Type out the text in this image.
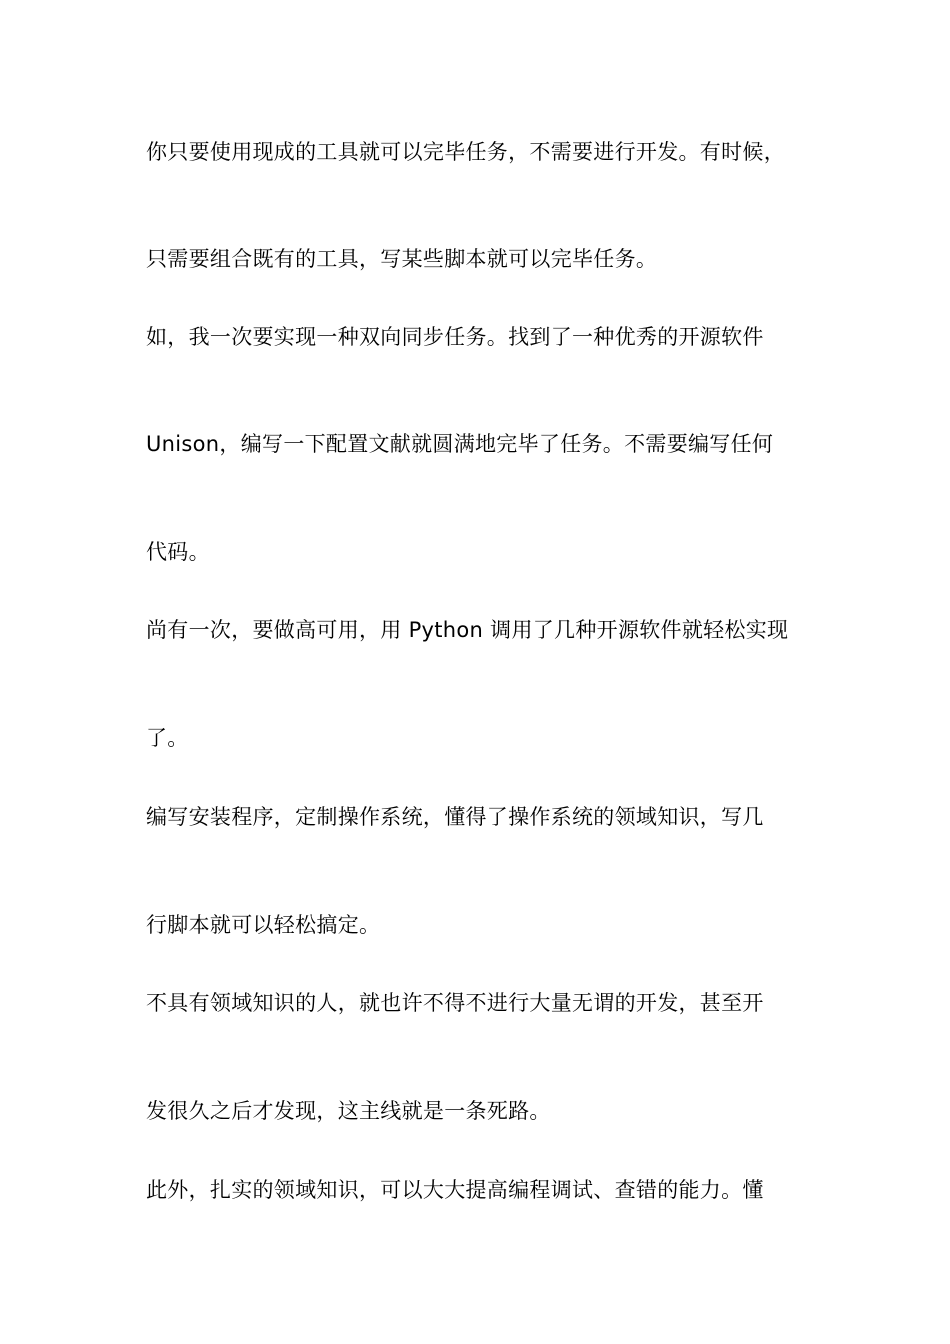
你只要使用现成的工具就可以完毕任务，不需要进行开发。有时候，
只需要组合既有的工具，写某些脚本就可以完毕任务。
如，我一次要实现一种双向同步任务。找到了一种优秀的开源软件
Unison，编写一下配置文献就圆满地完毕了任务。不需要编写任何
代码。
尚有一次，要做高可用，用 Python 调用了几种开源软件就轻松实现
了。
编写安装程序，定制操作系统，懂得了操作系统的领域知识，写几
行脚本就可以轻松搞定。
不具有领域知识的人，就也许不得不进行大量无谓的开发，甚至开
发很久之后才发现，这主线就是一条死路。
此外，扎实的领域知识，可以大大提高编程调试、查错的能力。懂
